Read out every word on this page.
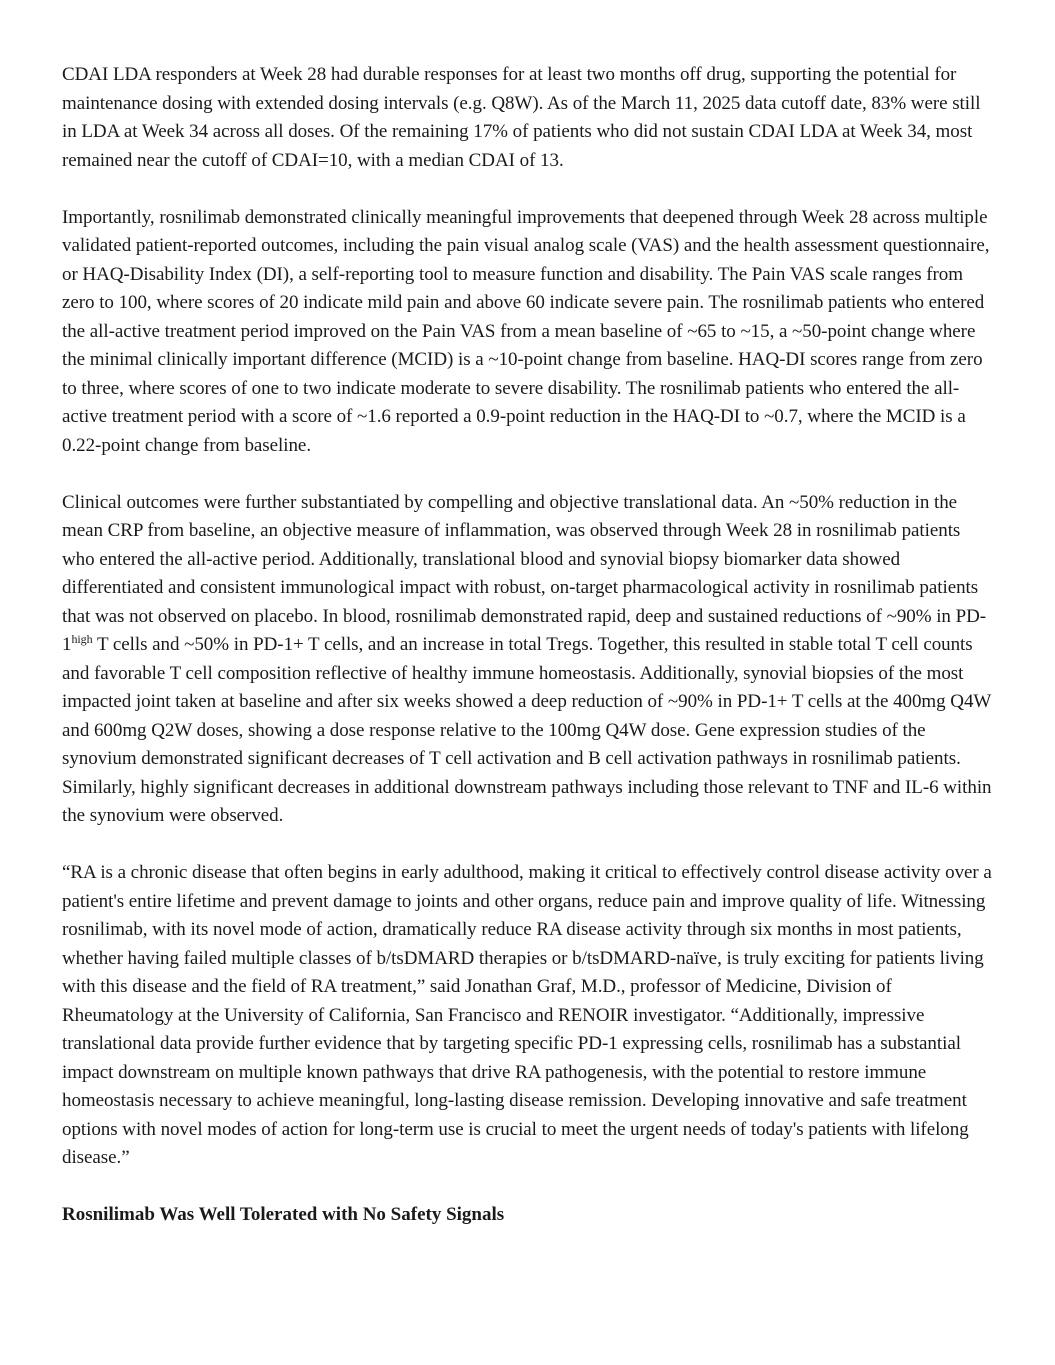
CDAI LDA responders at Week 28 had durable responses for at least two months off drug, supporting the potential for maintenance dosing with extended dosing intervals (e.g. Q8W). As of the March 11, 2025 data cutoff date, 83% were still in LDA at Week 34 across all doses. Of the remaining 17% of patients who did not sustain CDAI LDA at Week 34, most remained near the cutoff of CDAI=10, with a median CDAI of 13.

Importantly, rosnilimab demonstrated clinically meaningful improvements that deepened through Week 28 across multiple validated patient-reported outcomes, including the pain visual analog scale (VAS) and the health assessment questionnaire, or HAQ-Disability Index (DI), a self-reporting tool to measure function and disability. The Pain VAS scale ranges from zero to 100, where scores of 20 indicate mild pain and above 60 indicate severe pain. The rosnilimab patients who entered the all-active treatment period improved on the Pain VAS from a mean baseline of ~65 to ~15, a ~50-point change where the minimal clinically important difference (MCID) is a ~10-point change from baseline. HAQ-DI scores range from zero to three, where scores of one to two indicate moderate to severe disability. The rosnilimab patients who entered the all-active treatment period with a score of ~1.6 reported a 0.9-point reduction in the HAQ-DI to ~0.7, where the MCID is a 0.22-point change from baseline.

Clinical outcomes were further substantiated by compelling and objective translational data. An ~50% reduction in the mean CRP from baseline, an objective measure of inflammation, was observed through Week 28 in rosnilimab patients who entered the all-active period. Additionally, translational blood and synovial biopsy biomarker data showed differentiated and consistent immunological impact with robust, on-target pharmacological activity in rosnilimab patients that was not observed on placebo. In blood, rosnilimab demonstrated rapid, deep and sustained reductions of ~90% in $PD-1^{high}$ T cells and ~50% in PD-1+ T cells, and an increase in total Tregs. Together, this resulted in stable total T cell counts and favorable T cell composition reflective of healthy immune homeostasis. Additionally, synovial biopsies of the most impacted joint taken at baseline and after six weeks showed a deep reduction of ~90% in PD-1+ T cells at the 400mg Q4W and 600mg Q2W doses, showing a dose response relative to the 100mg Q4W dose. Gene expression studies of the synovium demonstrated significant decreases of T cell activation and B cell activation pathways in rosnilimab patients. Similarly, highly significant decreases in additional downstream pathways including those relevant to TNF and IL-6 within the synovium were observed.

“RA is a chronic disease that often begins in early adulthood, making it critical to effectively control disease activity over a patient's entire lifetime and prevent damage to joints and other organs, reduce pain and improve quality of life. Witnessing rosnilimab, with its novel mode of action, dramatically reduce RA disease activity through six months in most patients, whether having failed multiple classes of b/tsDMARD therapies or b/tsDMARD-naïve, is truly exciting for patients living with this disease and the field of RA treatment,” said Jonathan Graf, M.D., professor of Medicine, Division of Rheumatology at the University of California, San Francisco and RENOIR investigator. “Additionally, impressive translational data provide further evidence that by targeting specific PD-1 expressing cells, rosnilimab has a substantial impact downstream on multiple known pathways that drive RA pathogenesis, with the potential to restore immune homeostasis necessary to achieve meaningful, long-lasting disease remission. Developing innovative and safe treatment options with novel modes of action for long-term use is crucial to meet the urgent needs of today's patients with lifelong disease.”

Rosnilimab Was Well Tolerated with No Safety Signals
